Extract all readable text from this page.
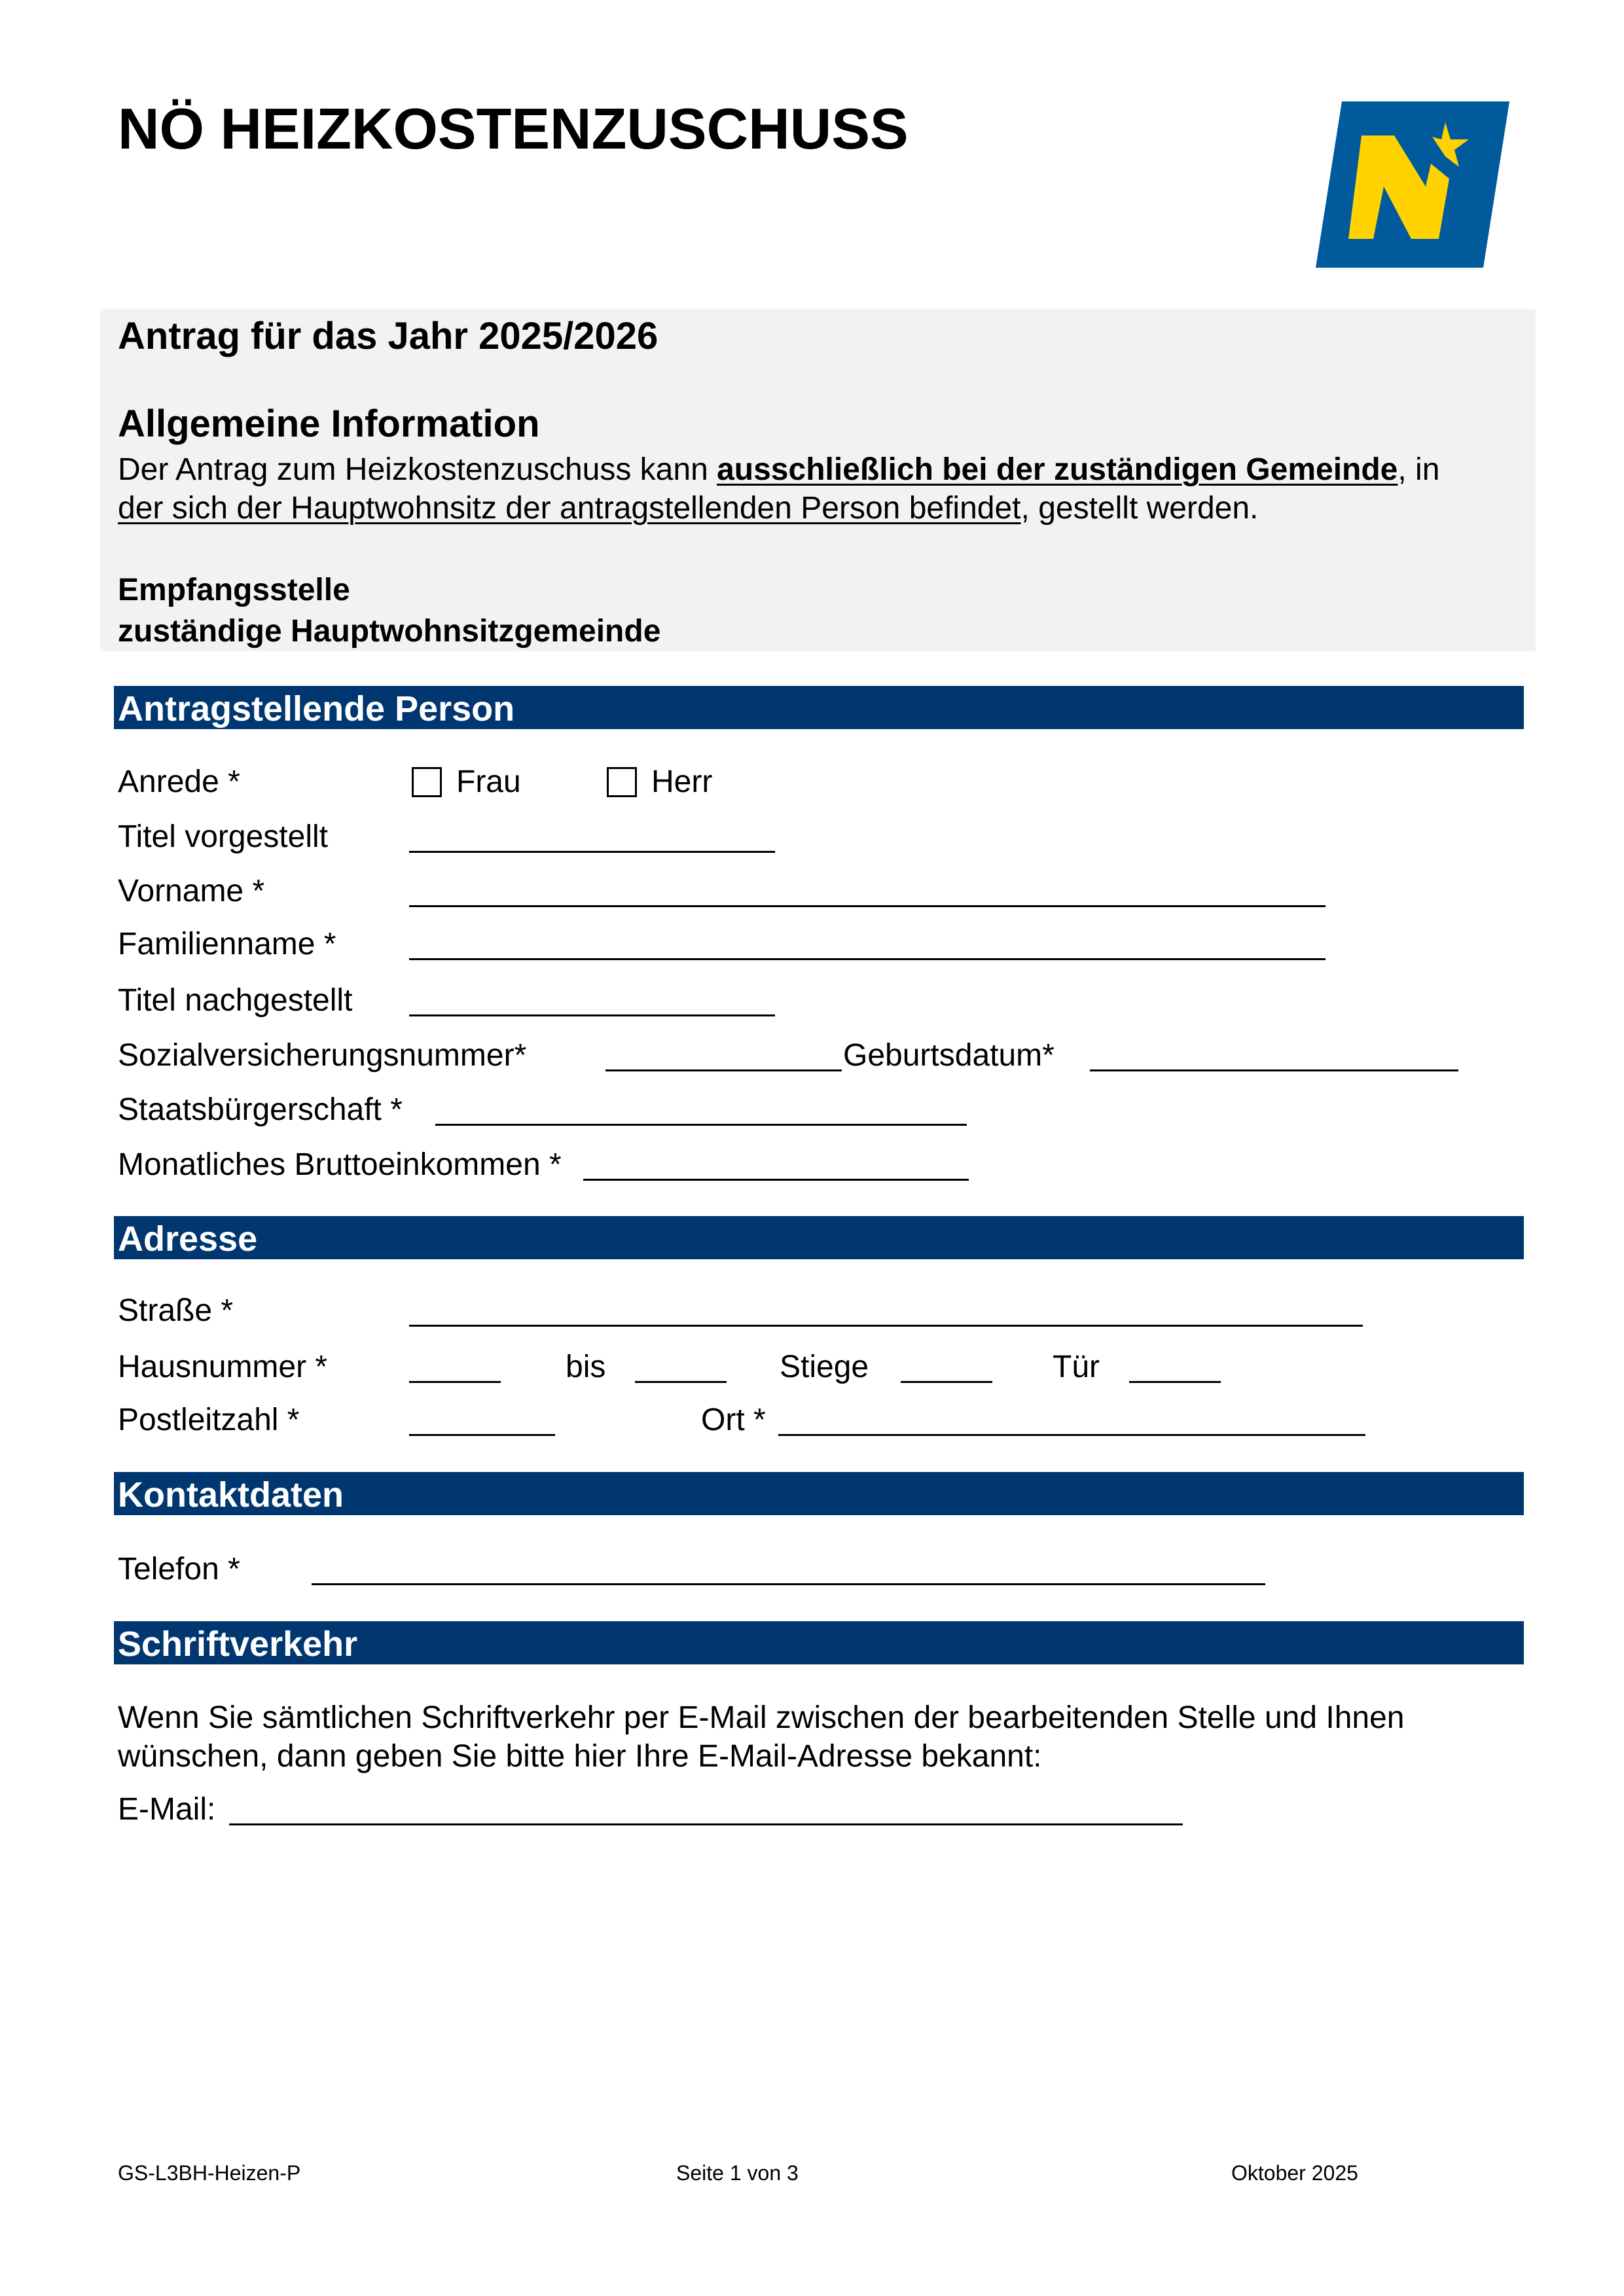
NÖ HEIZKOSTENZUSCHUSS
Antrag für das Jahr 2025/2026
Allgemeine Information
Der Antrag zum Heizkostenzuschuss kann ausschließlich bei der zuständigen Gemeinde, in
der sich der Hauptwohnsitz der antragstellenden Person befindet, gestellt werden.
Empfangsstelle
zuständige Hauptwohnsitzgemeinde
Antragstellende Person
Anrede *	Frau	Herr
Titel vorgestellt
Vorname *
Familienname *
Titel nachgestellt
Sozialversicherungsnummer*	Geburtsdatum*
Staatsbürgerschaft *
Monatliches Bruttoeinkommen *
Adresse
Straße *
Hausnummer *	bis	Stiege	Tür
Postleitzahl *	Ort *
Kontaktdaten
Telefon *
Schriftverkehr
Wenn Sie sämtlichen Schriftverkehr per E-Mail zwischen der bearbeitenden Stelle und Ihnen
wünschen, dann geben Sie bitte hier Ihre E-Mail-Adresse bekannt:
E-Mail:
GS-L3BH-Heizen-P	Seite 1 von 3	Oktober 2025
